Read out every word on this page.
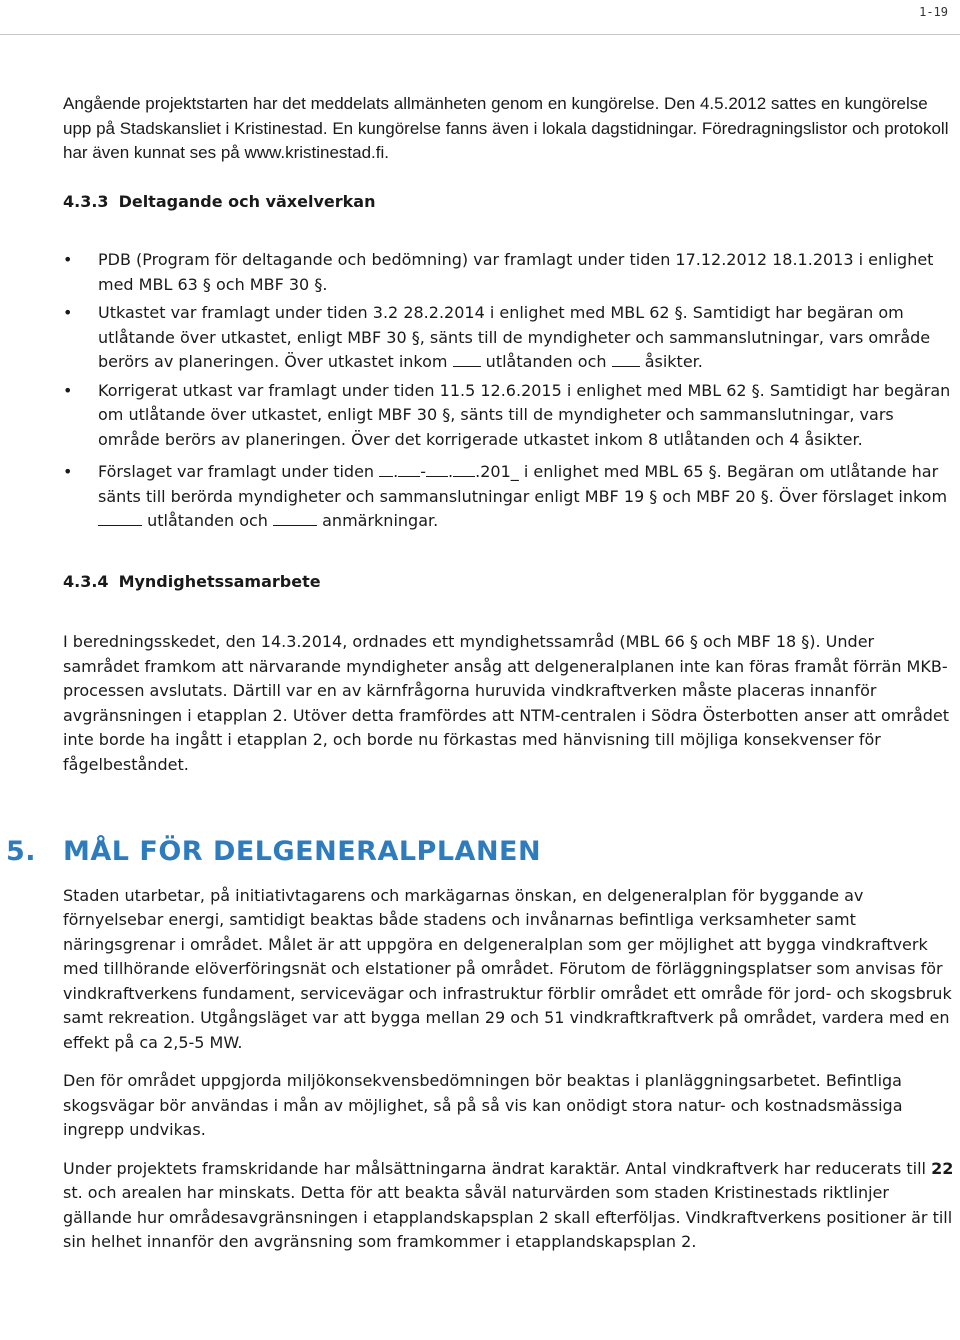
1-19

Angående projektstarten har det meddelats allmänheten genom en kungörelse. Den 4.5.2012 sattes en kungörelse upp på Stadskansliet i Kristinestad. En kungörelse fanns även i lokala dagstidningar. Föredragningslistor och protokoll har även kunnat ses på www.kristinestad.fi.

4.3.3 Deltagande och växelverkan
• PDB (Program för deltagande och bedömning) var framlagt under tiden 17.12.2012 18.1.2013 i enlighet med MBL 63 § och MBF 30 §.
• Utkastet var framlagt under tiden 3.2 28.2.2014 i enlighet med MBL 62 §. Samtidigt har begäran om utlåtande över utkastet, enligt MBF 30 §, sänts till de myndigheter och sammanslutningar, vars område berörs av planeringen. Över utkastet inkom utlåtanden och åsikter.
• Korrigerat utkast var framlagt under tiden 11.5 12.6.2015 i enlighet med MBL 62 §. Samtidigt har begäran om utlåtande över utkastet, enligt MBF 30 §, sänts till de myndigheter och sammanslutningar, vars område berörs av planeringen. Över det korrigerade utkastet inkom 8 utlåtanden och 4 åsikter.
• Förslaget var framlagt under tiden . - . .201_ i enlighet med MBL 65 §. Begäran om utlåtande har sänts till berörda myndigheter och sammanslutningar enligt MBF 19 § och MBF 20 §. Över förslaget inkom  utlåtanden och	anmärkningar.
4.3.4 Myndighetssamarbete

I beredningsskedet, den 14.3.2014, ordnades ett myndighetssamråd (MBL 66 § och MBF 18 §). Under samrådet framkom att närvarande myndigheter ansåg att delgeneralplanen inte kan föras framåt förrän MKB-processen avslutats. Därtill var en av kärnfrågorna huruvida vindkraftverken måste placeras innanför avgränsningen i etapplan 2. Utöver detta framfördes att NTM-centralen i Södra Österbotten anser att området inte borde ha ingått i etapplan 2, och borde nu förkastas med hänvisning till möjliga konsekvenser för fågelbeståndet.

5. MÅL FÖR DELGENERALPLANEN

Staden utarbetar, på initiativtagarens och markägarnas önskan, en delgeneralplan för byggande av förnyelsebar energi, samtidigt beaktas både stadens och invånarnas befintliga verksamheter samt näringsgrenar i området. Målet är att uppgöra en delgeneralplan som ger möjlighet att bygga vindkraftverk med tillhörande elöverföringsnät och elstationer på området. Förutom de förläggningsplatser som anvisas för vindkraftverkens fundament, servicevägar och infrastruktur förblir området ett område för jord- och skogsbruk samt rekreation. Utgångsläget var att bygga mellan 29 och 51 vindkraftkraftverk på området, vardera med en effekt på ca 2,5-5 MW.

Den för området uppgjorda miljökonsekvensbedömningen bör beaktas i planläggningsarbetet. Befintliga skogsvägar bör användas i mån av möjlighet, så på så vis kan onödigt stora natur- och kostnadsmässiga ingrepp undvikas.

Under projektets framskridande har målsättningarna ändrat karaktär. Antal vindkraftverk har reducerats till 22 st. och arealen har minskats. Detta för att beakta såväl naturvärden som staden Kristinestads riktlinjer gällande hur områdesavgränsningen i etapplandskapsplan 2 skall efterföljas. Vindkraftverkens positioner är till sin helhet innanför den avgränsning som framkommer i etapplandskapsplan 2.
